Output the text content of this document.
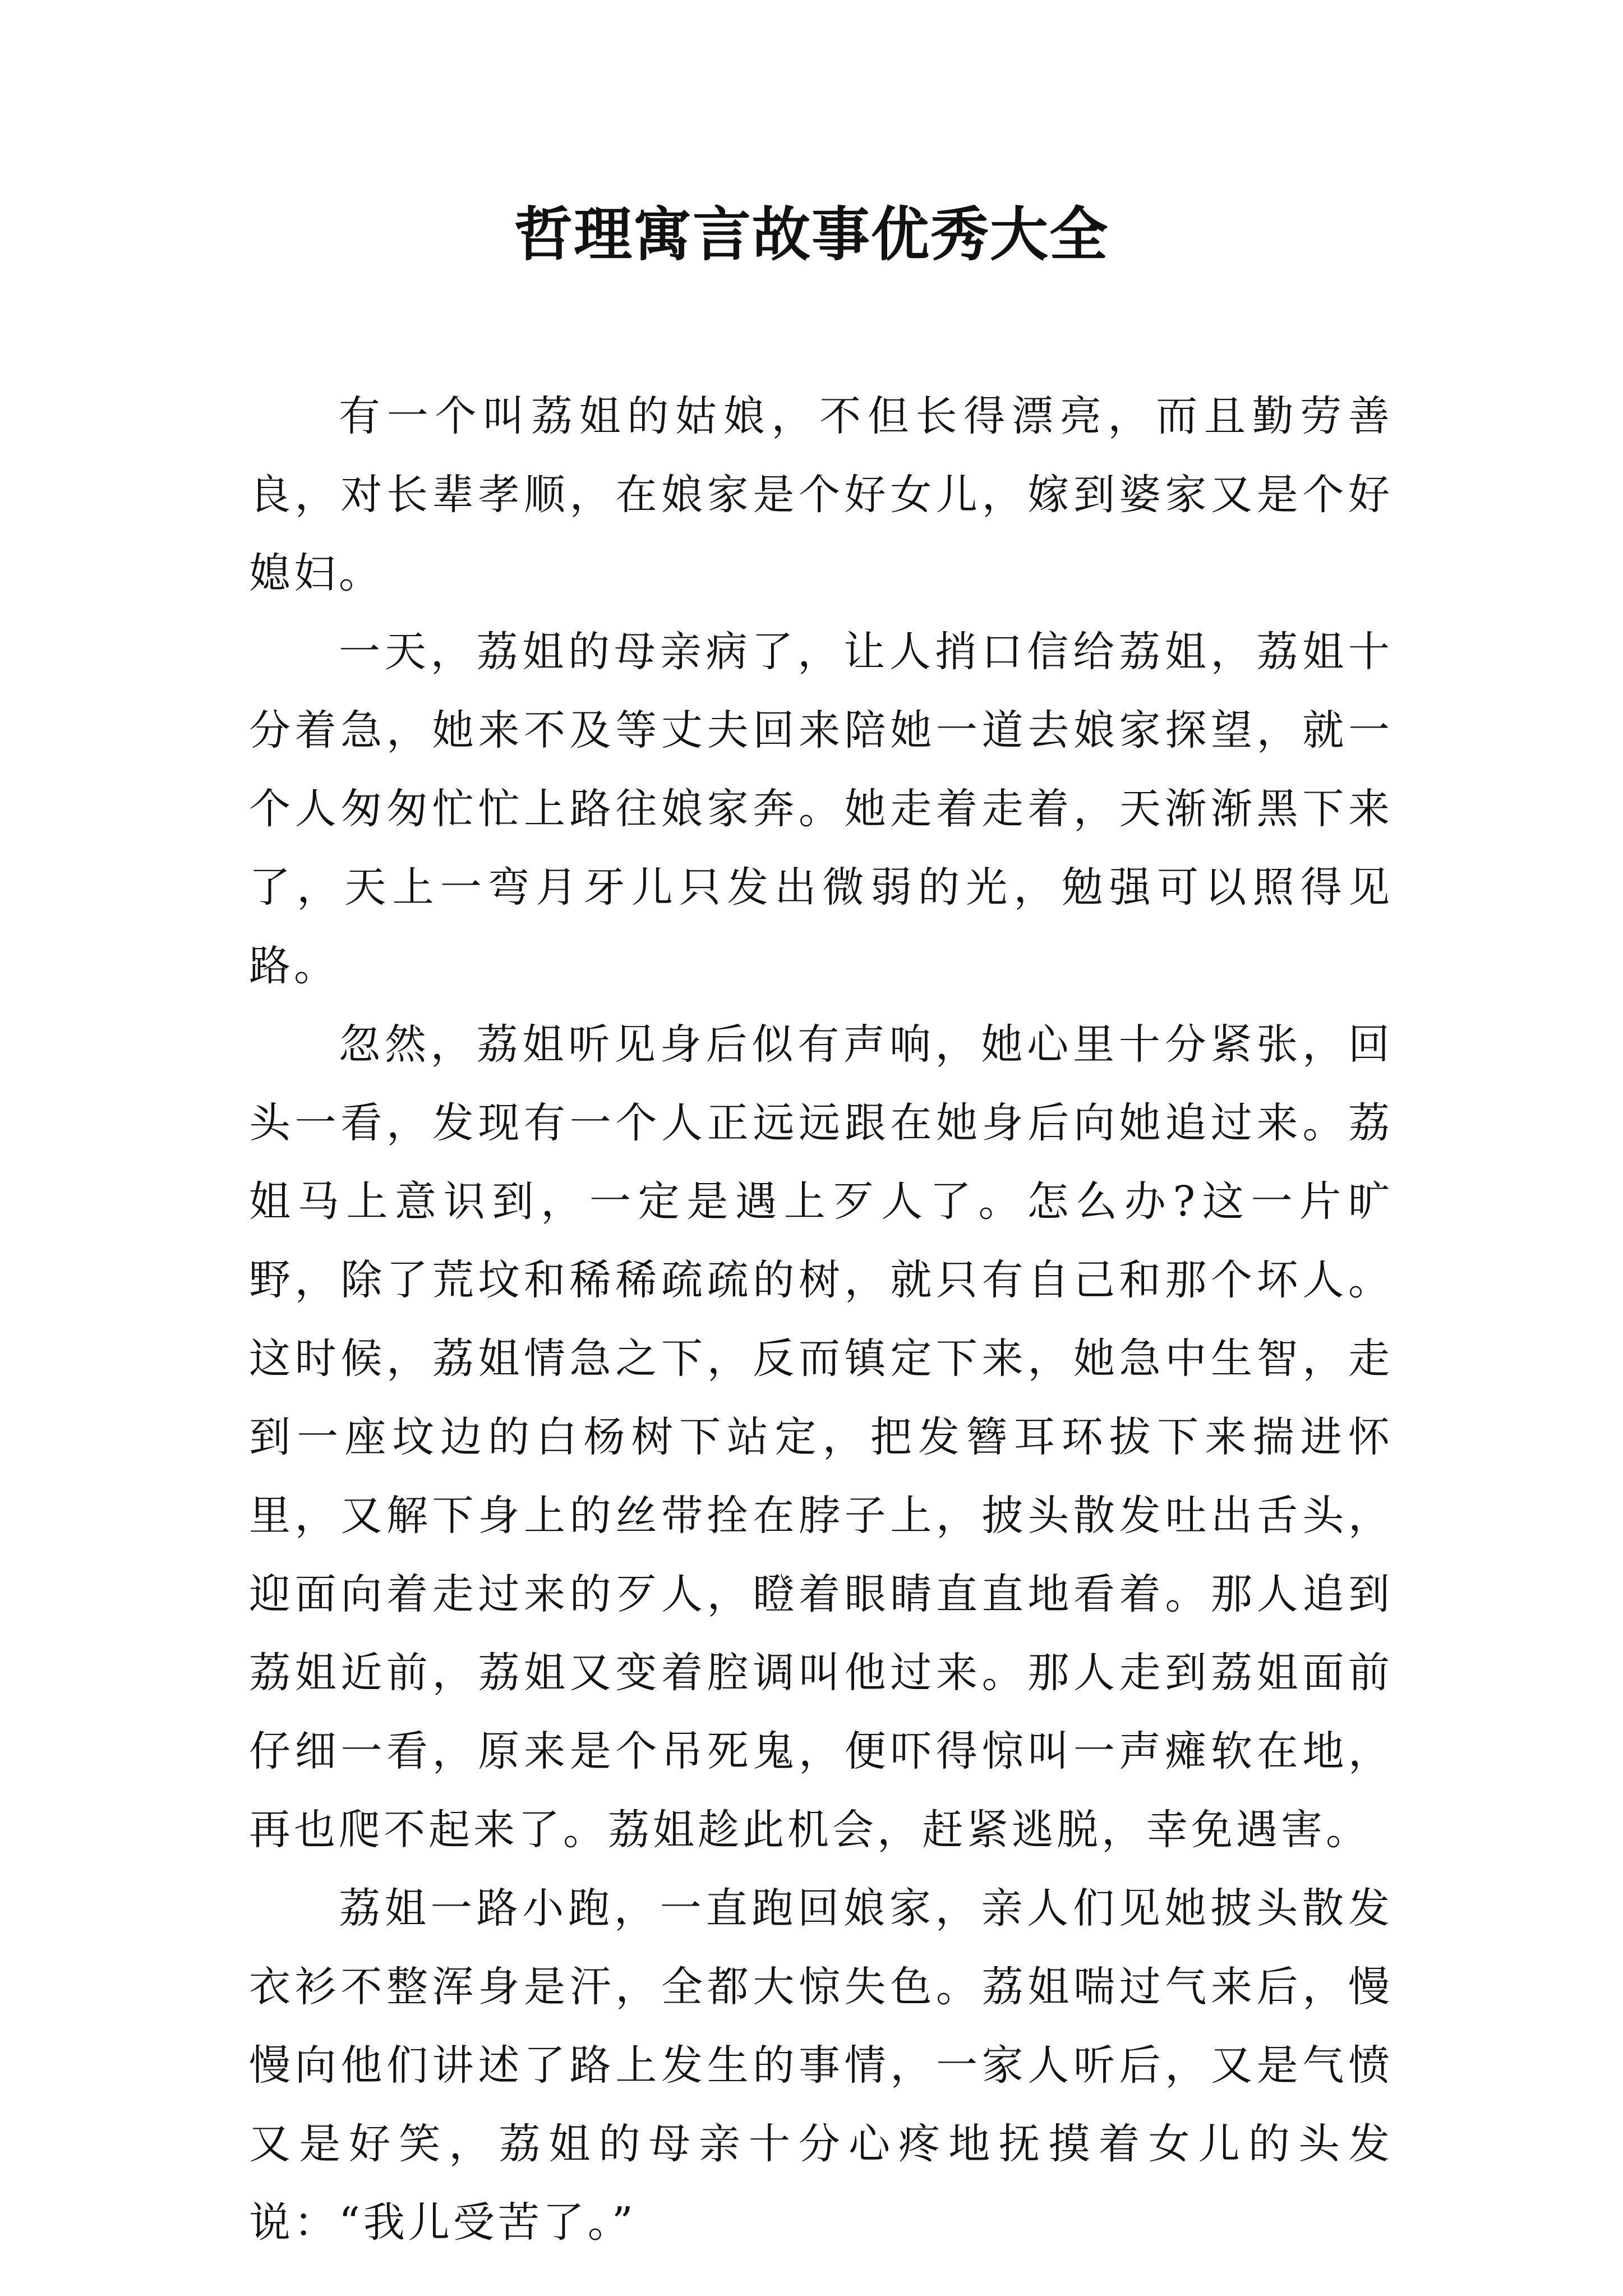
哲理寓言故事优秀大全

有一个叫荔姐的姑娘，不但长得漂亮，而且勤劳善良，对长辈孝顺，在娘家是个好女儿，嫁到婆家又是个好媳妇。

一天，荔姐的母亲病了，让人捎口信给荔姐，荔姐十分着急，她来不及等丈夫回来陪她一道去娘家探望，就一个人匆匆忙忙上路往娘家奔。她走着走着，天渐渐黑下来了，天上一弯月牙儿只发出微弱的光，勉强可以照得见路。

忽然，荔姐听见身后似有声响，她心里十分紧张，回头一看，发现有一个人正远远跟在她身后向她追过来。荔姐马上意识到，一定是遇上歹人了。怎么办?这一片旷野，除了荒坟和稀稀疏疏的树，就只有自己和那个坏人。这时候，荔姐情急之下，反而镇定下来，她急中生智，走到一座坟边的白杨树下站定，把发簪耳环拔下来揣进怀里，又解下身上的丝带拴在脖子上，披头散发吐出舌头，迎面向着走过来的歹人，瞪着眼睛直直地看着。那人追到荔姐近前，荔姐又变着腔调叫他过来。那人走到荔姐面前仔细一看，原来是个吊死鬼，便吓得惊叫一声瘫软在地，再也爬不起来了。荔姐趁此机会，赶紧逃脱，幸免遇害。

荔姐一路小跑，一直跑回娘家，亲人们见她披头散发衣衫不整浑身是汗，全都大惊失色。荔姐喘过气来后，慢慢向他们讲述了路上发生的事情，一家人听后，又是气愤又是好笑，荔姐的母亲十分心疼地抚摸着女儿的头发说：“我儿受苦了。”
